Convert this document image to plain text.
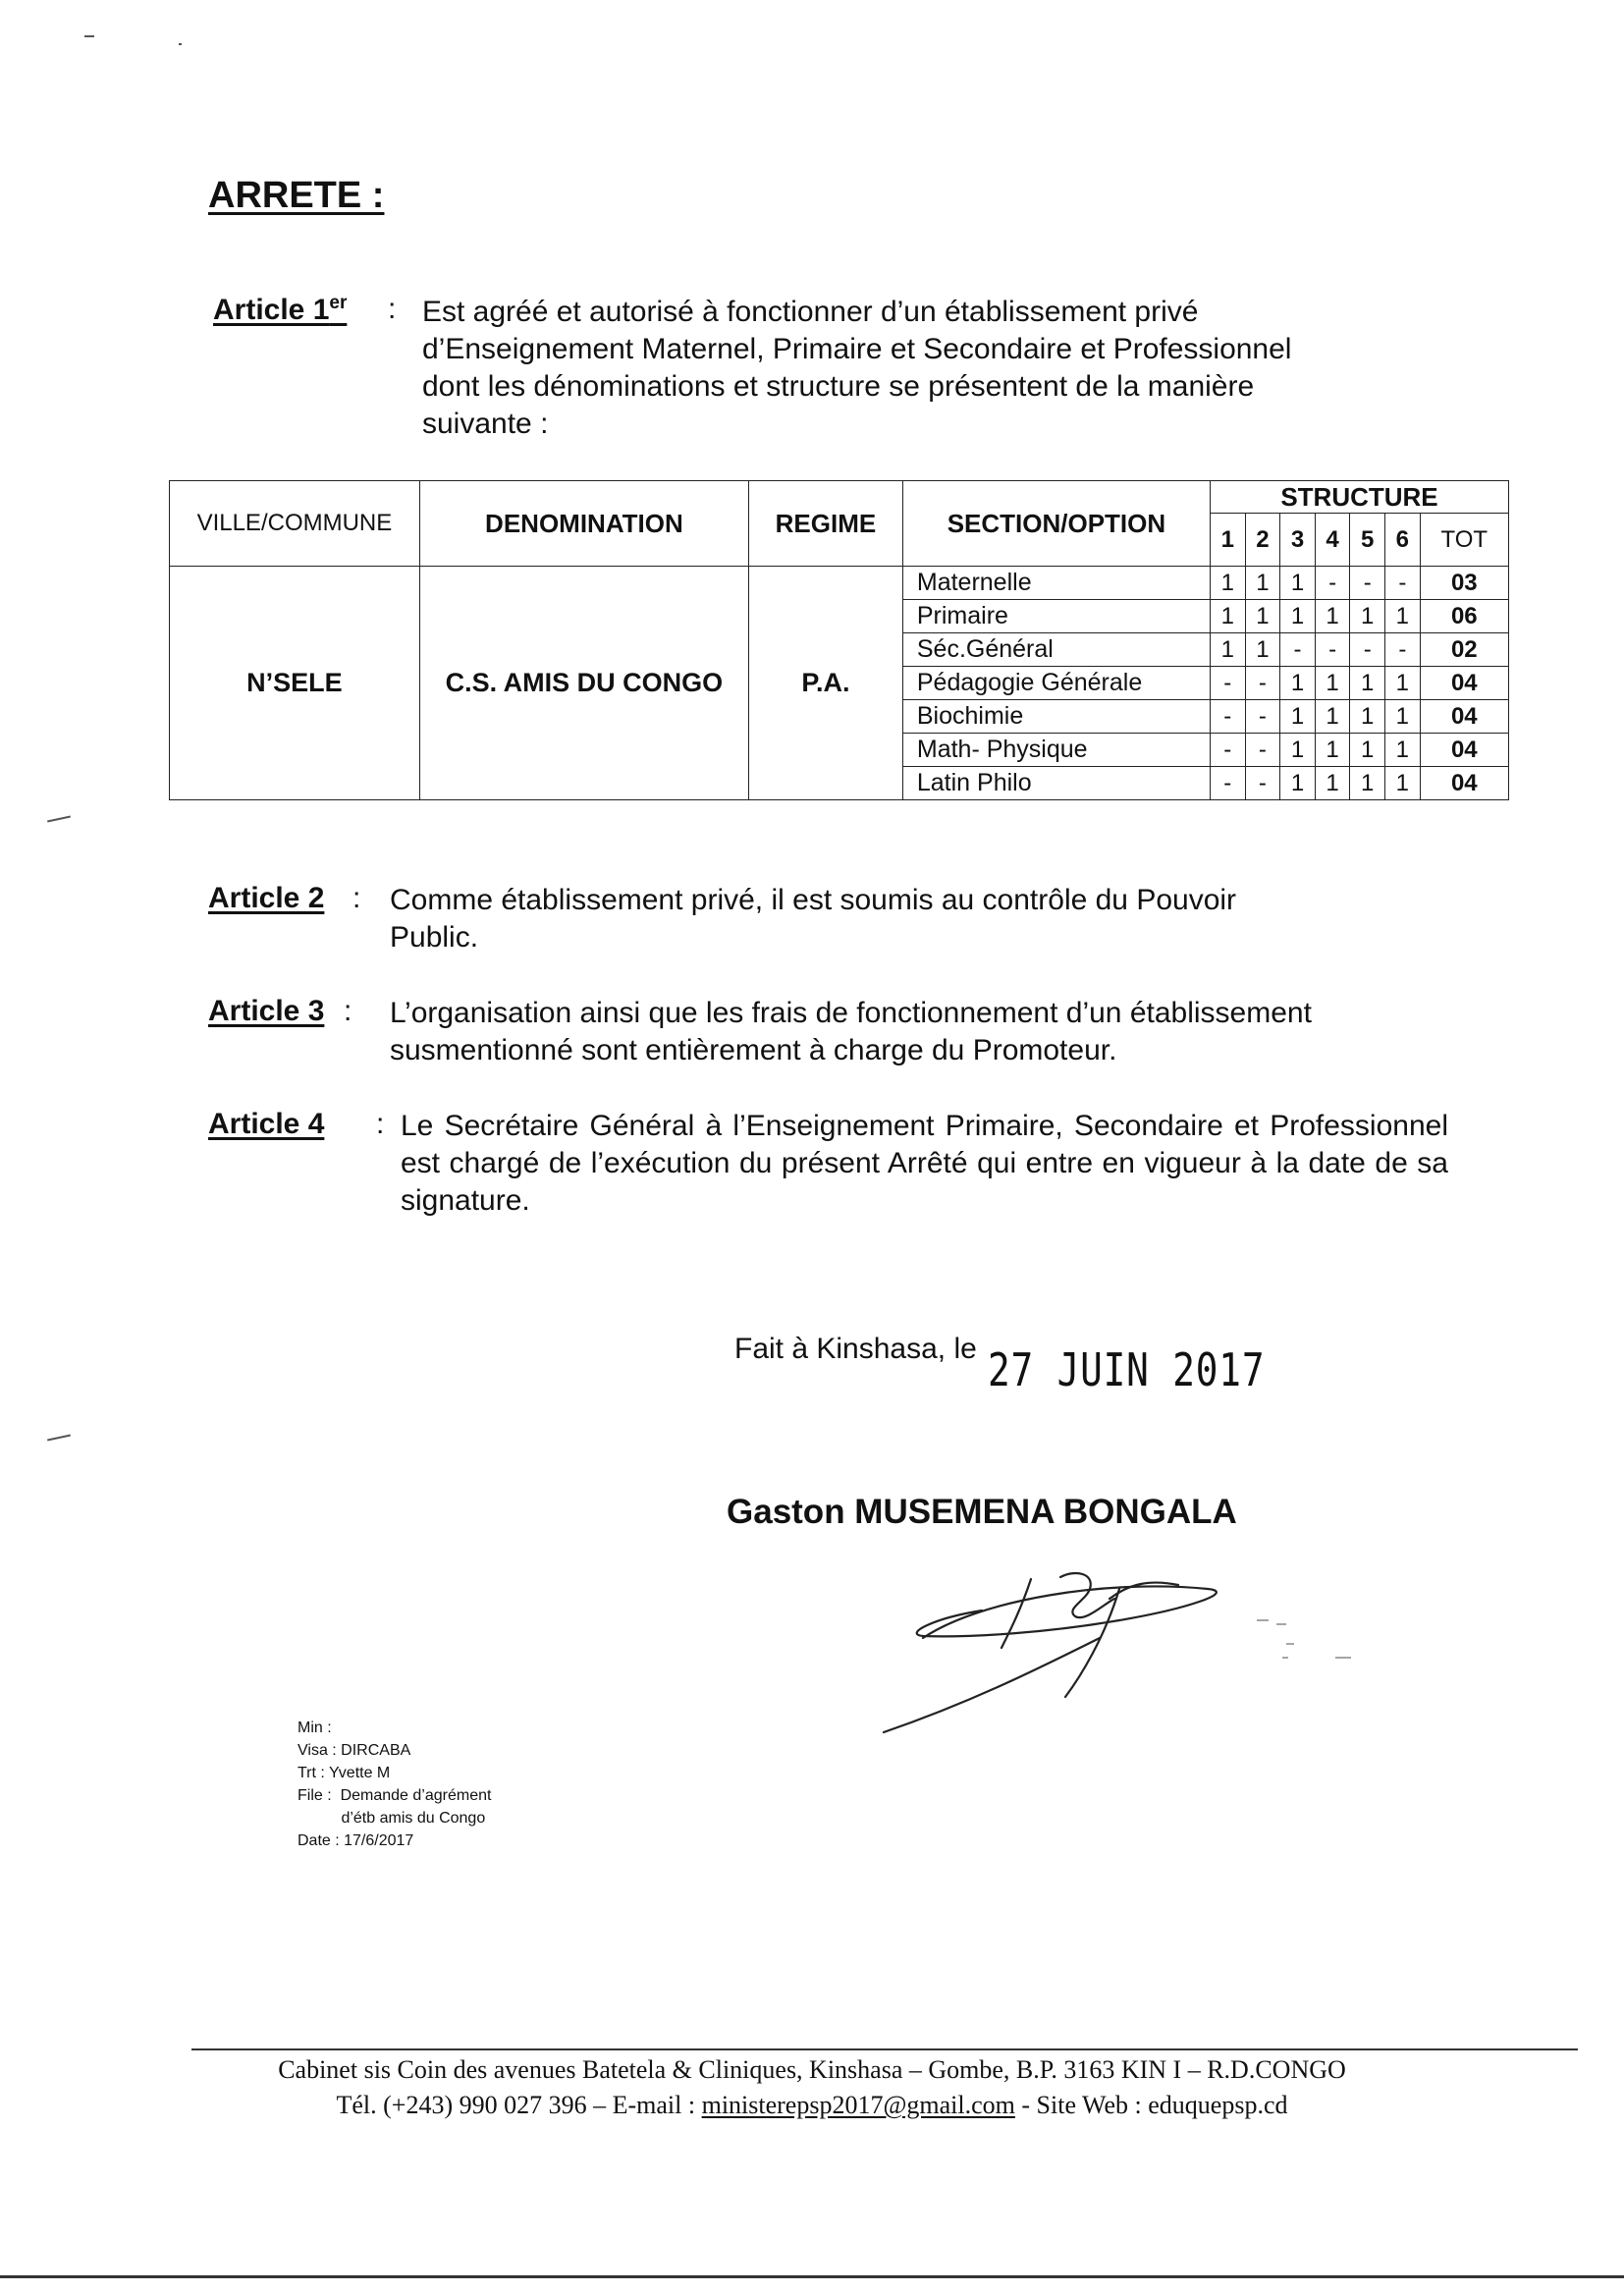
ARRETE :
Article 1er : Est agréé et autorisé à fonctionner d’un établissement privé
d’Enseignement Maternel, Primaire et Secondaire et Professionnel
dont les dénominations et structure se présentent de la manière
suivante :
VILLE/COMMUNE	DENOMINATION	REGIME	SECTION/OPTION	STRUCTURE						
				1	2	3	4	5	6	TOT
N’SELE	C.S. AMIS DU CONGO	P.A.	Maternelle	1	1	1	-	-	-	03
			Primaire	1	1	1	1	1	1	06
			Séc.Général	1	1	-	-	-	-	02
			Pédagogie Générale	-	-	1	1	1	1	04
			Biochimie	-	-	1	1	1	1	04
			Math- Physique	-	-	1	1	1	1	04
			Latin Philo	-	-	1	1	1	1	04
Article 2 : Comme établissement privé, il est soumis au contrôle du Pouvoir
Public.
Article 3 : L’organisation ainsi que les frais de fonctionnement d’un établissement
susmentionné sont entièrement à charge du Promoteur.
Article 4 : Le Secrétaire Général à l’Enseignement Primaire, Secondaire et Professionnel est chargé de l’exécution du présent Arrêté qui entre en vigueur à la date de sa signature.
Fait à Kinshasa, le 27 JUIN 2017
Gaston MUSEMENA BONGALA
Min :
Visa : DIRCABA
Trt : Yvette M
File :  Demande d’agrément
d’étb amis du Congo
Date : 17/6/2017
Cabinet sis Coin des avenues Batetela & Cliniques, Kinshasa – Gombe, B.P. 3163 KIN I – R.D.CONGO
Tél. (+243) 990 027 396 – E-mail : ministerepsp2017@gmail.com - Site Web : eduquepsp.cd
